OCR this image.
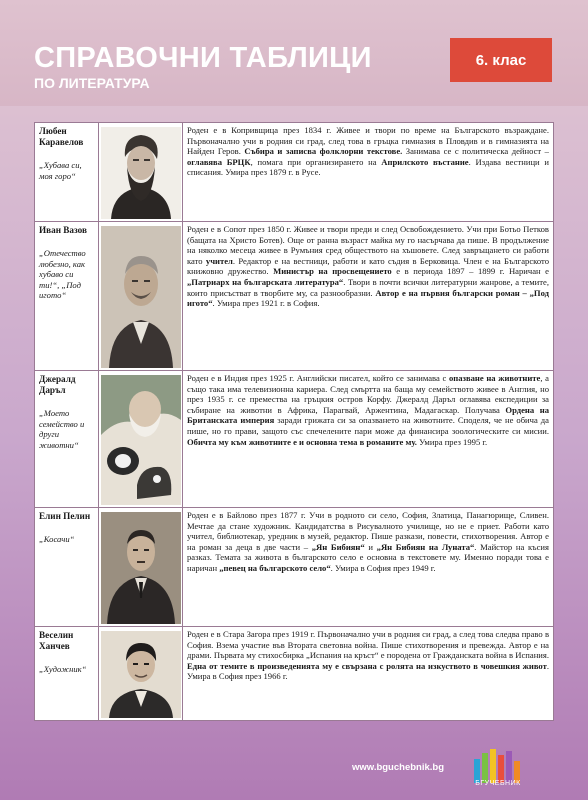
СПРАВОЧНИ ТАБЛИЦИ
ПО ЛИТЕРАТУРА
6. клас
Любен Каравелов
„Хубава си, моя горо“		Роден е в Копривщица през 1834 г. Живее и твори по време на Българското възраждане. Първоначално учи в родния си град, след това в гръцка гимназия в Пловдив и в гимназията на Найден Геров. Събира и записва фолклорни текстове. Занимава се с политическа дейност – оглавява БРЦК, помага при организирането на Априлското въстание. Издава вестници и списания. Умира през 1879 г. в Русе.

Иван Вазов
„Отечество любезно, как хубаво си ти!“, „Под игото“		Роден е в Сопот през 1850 г. Живее и твори преди и след Освобождението. Учи при Ботьо Петков (бащата на Христо Ботев). Още от ранна възраст майка му го насърчава да пише. В продължение на няколко месеца живее в Румъния сред обществото на хъшовете. След завръщането си работи като учител. Редактор е на вестници, работи и като съдия в Берковица. Член е на Българското книжовно дружество. Министър на просвещението е в периода 1897 – 1899 г. Наричан е „Патриарх на българската литература“. Твори в почти всички литературни жанрове, а темите, които присъстват в творбите му, са разнообразни. Автор е на първия български роман – „Под игото“. Умира през 1921 г. в София.

Джералд Даръл
„Моето семейство и други животни“		Роден е в Индия през 1925 г. Английски писател, който се занимава с опазване на животните, а също така има телевизионна кариера. След смъртта на баща му семейството живее в Англия, но през 1935 г. се премества на гръцкия остров Корфу. Джералд Даръл оглавява експедиции за събиране на животни в Африка, Парагвай, Аржентина, Мадагаскар. Получава Ордена на Британската империя заради грижата си за опазването на животните. Споделя, че не обича да пише, но го прави, защото със спечелените пари може да финансира зоологическите си мисии. Обичта му към животните е и основна тема в романите му. Умира през 1995 г.

Елин Пелин
„Косачи“		Роден е в Байлово през 1877 г. Учи в родното си село, София, Златица, Панагюрище, Сливен. Мечтае да стане художник. Кандидатства в Рисувалното училище, но не е приет. Работи като учител, библиотекар, уредник в музей, редактор. Пише разкази, повести, стихотворения. Автор е на роман за деца в две части – „Ян Бибиян“ и „Ян Бибиян на Луната“. Майстор на късия разказ. Темата за живота в българското село е основна в текстовете му. Именно поради това е наричан „певец на българското село“. Умира в София през 1949 г.

Веселин Ханчев
„Художник“		Роден е в Стара Загора през 1919 г. Първоначално учи в родния си град, а след това следва право в София. Взема участие във Втората световна война. Пише стихотворения и превежда. Автор е на драми. Първата му стихосбирка „Испания на кръст“ е породена от Гражданската война в Испания. Една от темите в произведенията му е свързана с ролята на изкуството в човешкия живот. Умира в София през 1966 г.
www.bguchebnik.bg
БГУЧЕБНИК
